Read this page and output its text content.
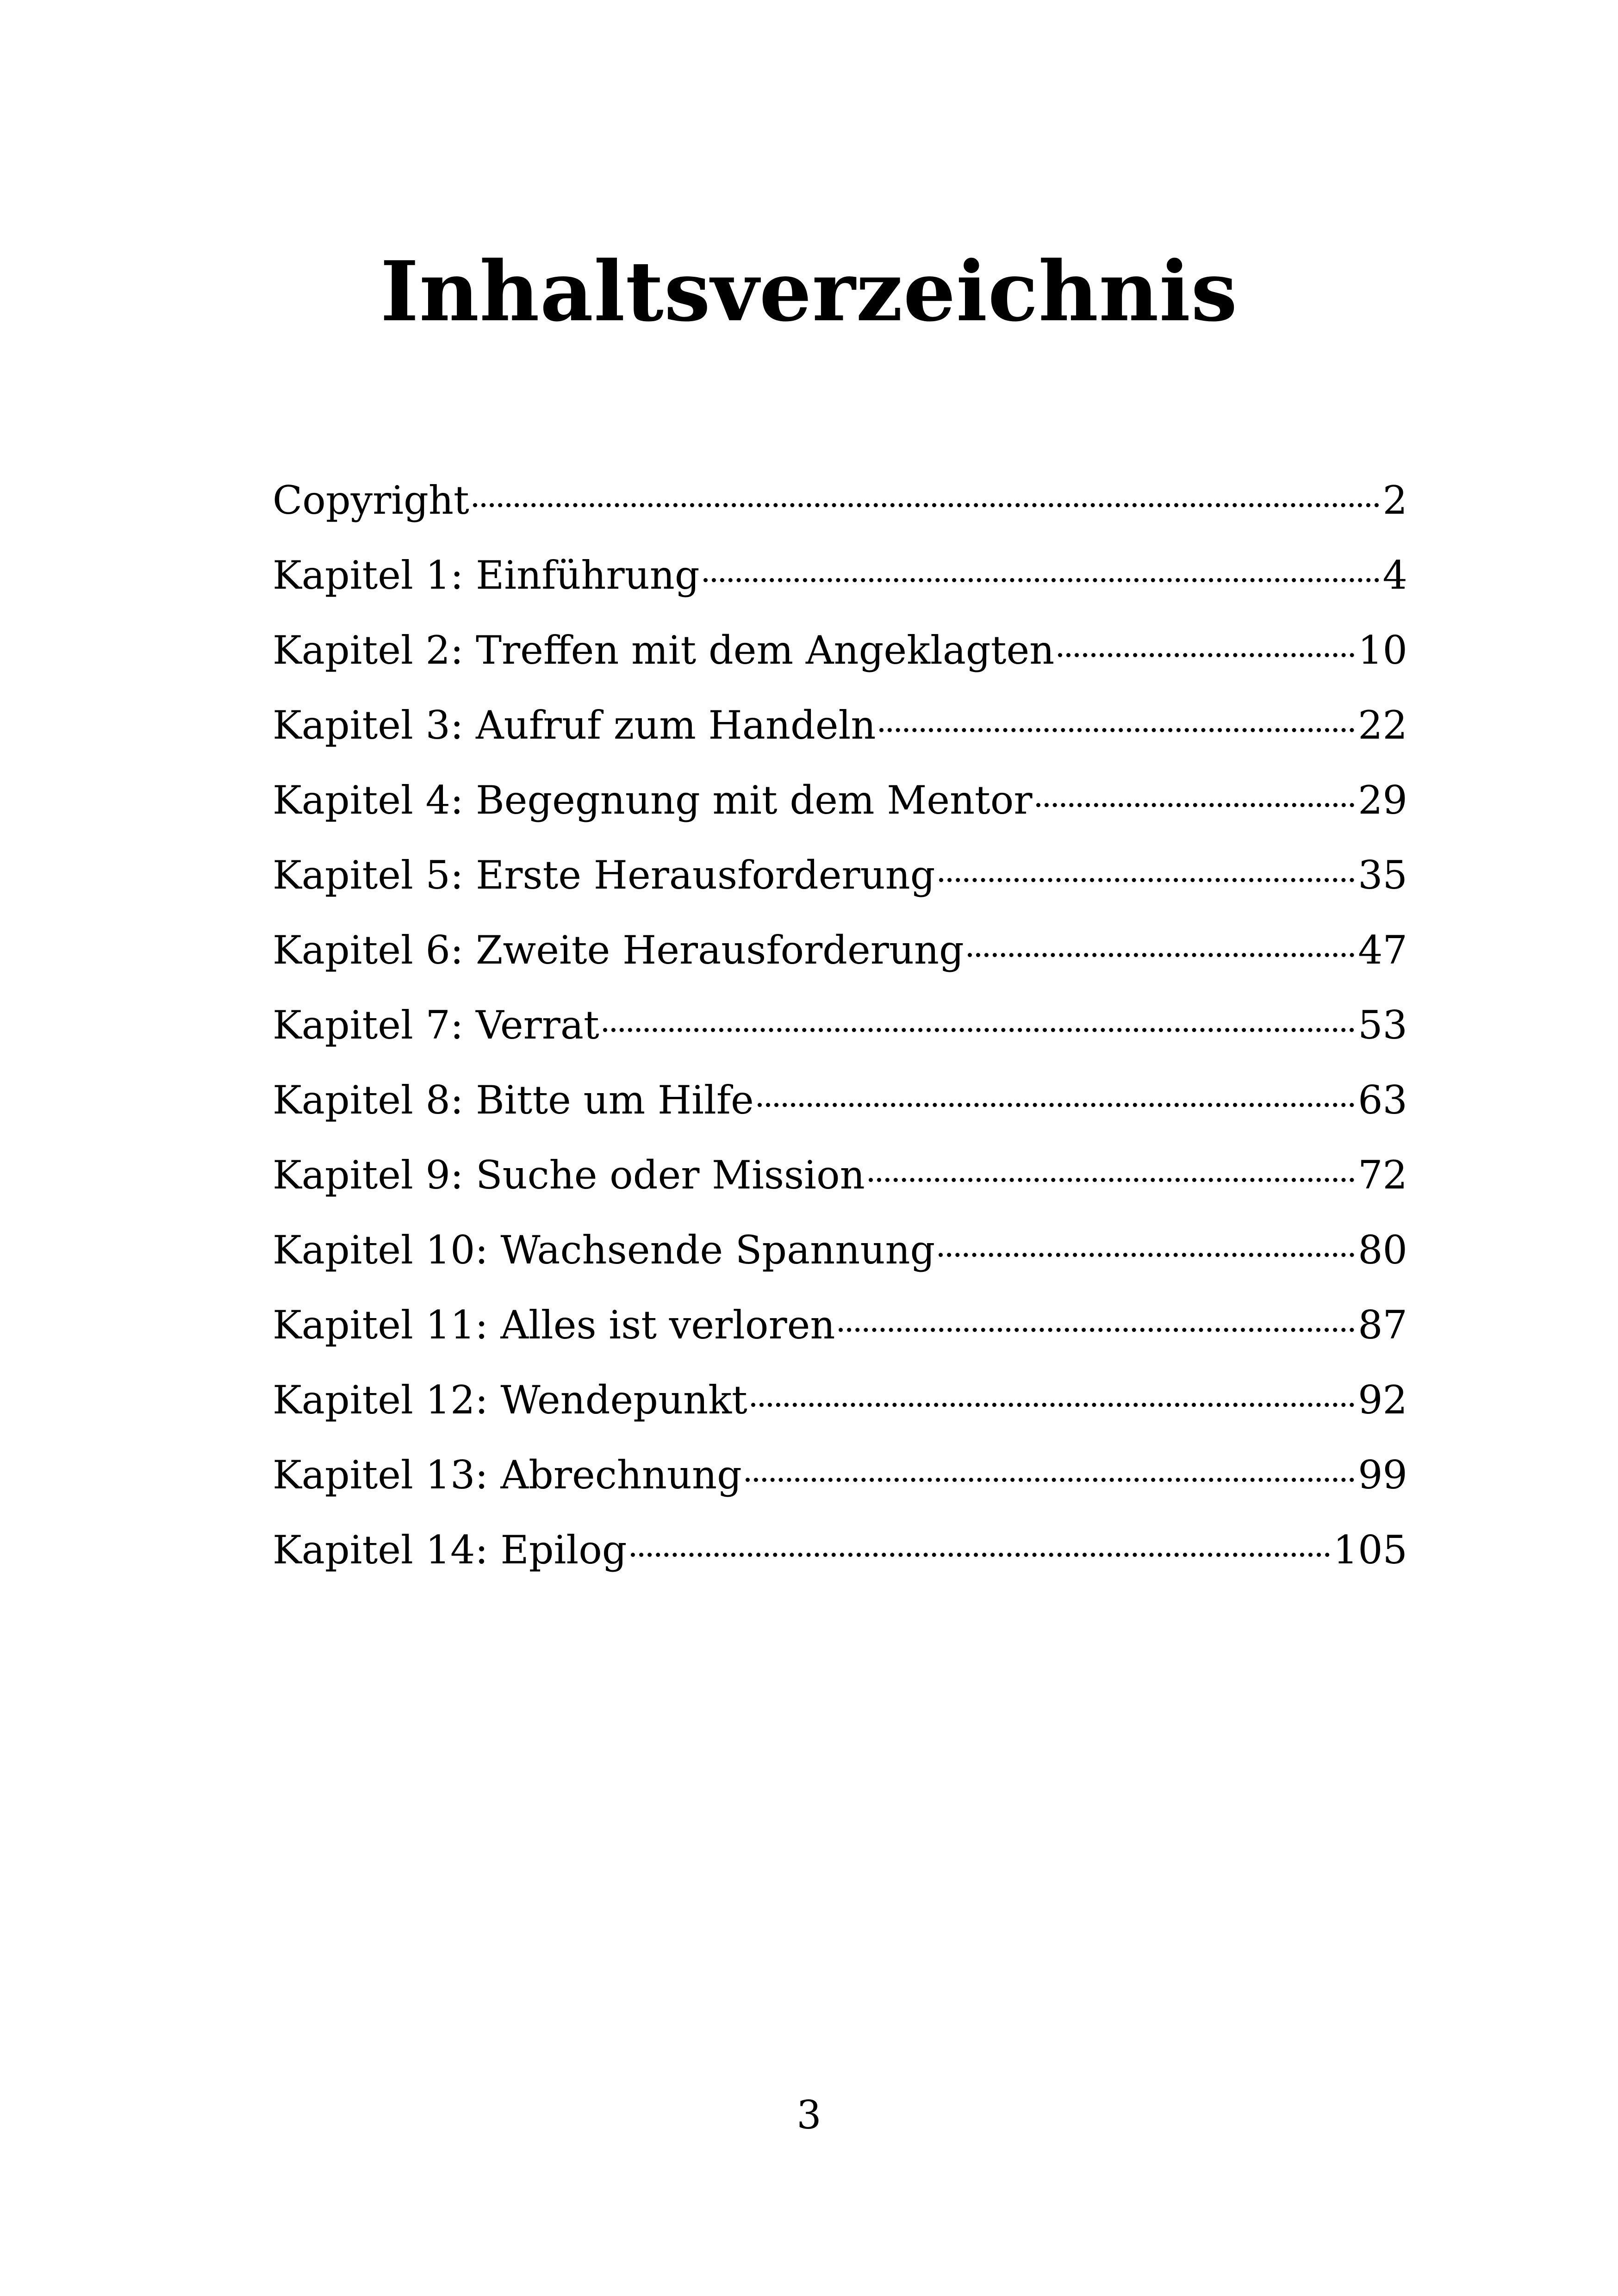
Inhaltsverzeichnis
Copyright	2
Kapitel 1: Einführung	4
Kapitel 2: Treffen mit dem Angeklagten	10
Kapitel 3: Aufruf zum Handeln	22
Kapitel 4: Begegnung mit dem Mentor	29
Kapitel 5: Erste Herausforderung	35
Kapitel 6: Zweite Herausforderung	47
Kapitel 7: Verrat	53
Kapitel 8: Bitte um Hilfe	63
Kapitel 9: Suche oder Mission	72
Kapitel 10: Wachsende Spannung	80
Kapitel 11: Alles ist verloren	87
Kapitel 12: Wendepunkt	92
Kapitel 13: Abrechnung	99
Kapitel 14: Epilog	105
3
